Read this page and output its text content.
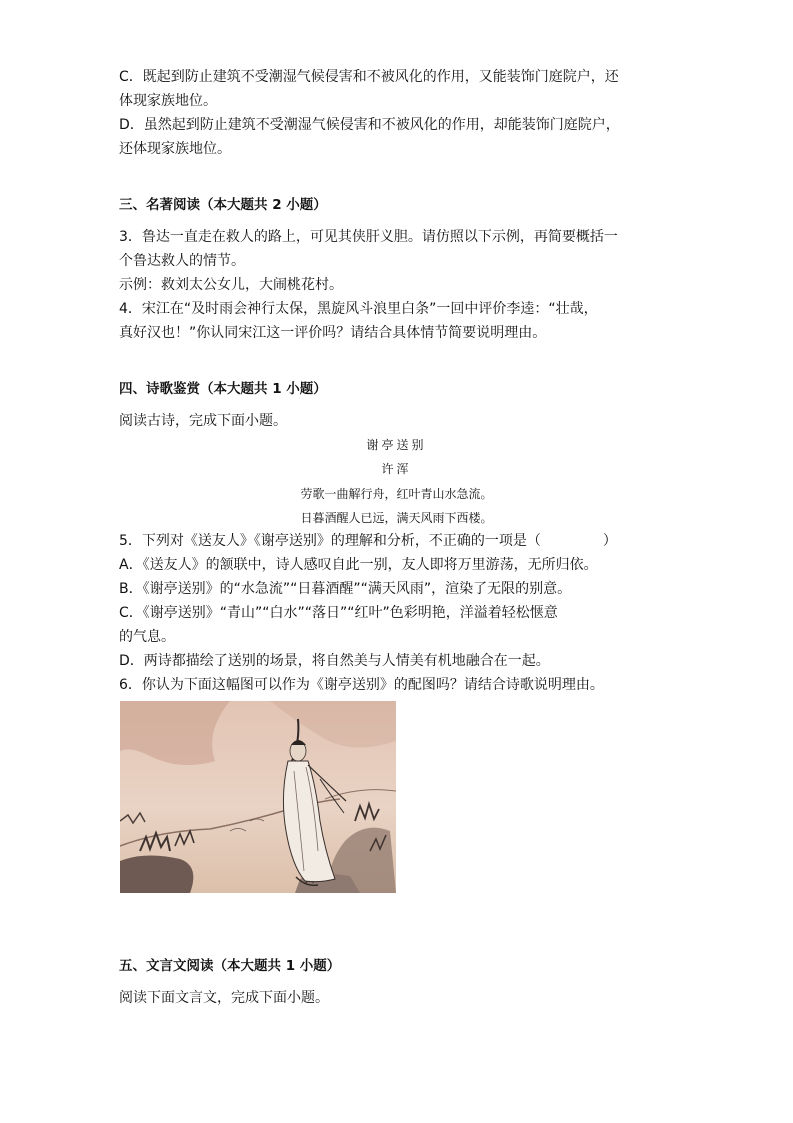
C．既起到防止建筑不受潮湿气候侵害和不被风化的作用，又能装饰门庭院户，还
体现家族地位。
D．虽然起到防止建筑不受潮湿气候侵害和不被风化的作用，却能装饰门庭院户，
还体现家族地位。
三、名著阅读（本大题共 2 小题）
3．鲁达一直走在救人的路上，可见其侠肝义胆。请仿照以下示例，再简要概括一
个鲁达救人的情节。
示例：救刘太公女儿，大闹桃花村。
4．宋江在“及时雨会神行太保，黑旋风斗浪里白条”一回中评价李逵：“壮哉，
真好汉也！”你认同宋江这一评价吗？请结合具体情节简要说明理由。
四、诗歌鉴赏（本大题共 1 小题）
阅读古诗，完成下面小题。
谢亭送别
许浑
劳歌一曲解行舟，红叶青山水急流。
日暮酒醒人已远，满天风雨下西楼。
5．下列对《送友人》《谢亭送别》的理解和分析，不正确的一项是（	）
A．《送友人》的颔联中，诗人感叹自此一别，友人即将万里游荡，无所归依。
B．《谢亭送别》的“水急流”“日暮酒醒”“满天风雨”，渲染了无限的别意。
C．《谢亭送别》“青山”“白水”“落日”“红叶”色彩明艳，洋溢着轻松惬意
的气息。
D．两诗都描绘了送别的场景，将自然美与人情美有机地融合在一起。
6．你认为下面这幅图可以作为《谢亭送别》的配图吗？请结合诗歌说明理由。
五、文言文阅读（本大题共 1 小题）
阅读下面文言文，完成下面小题。
